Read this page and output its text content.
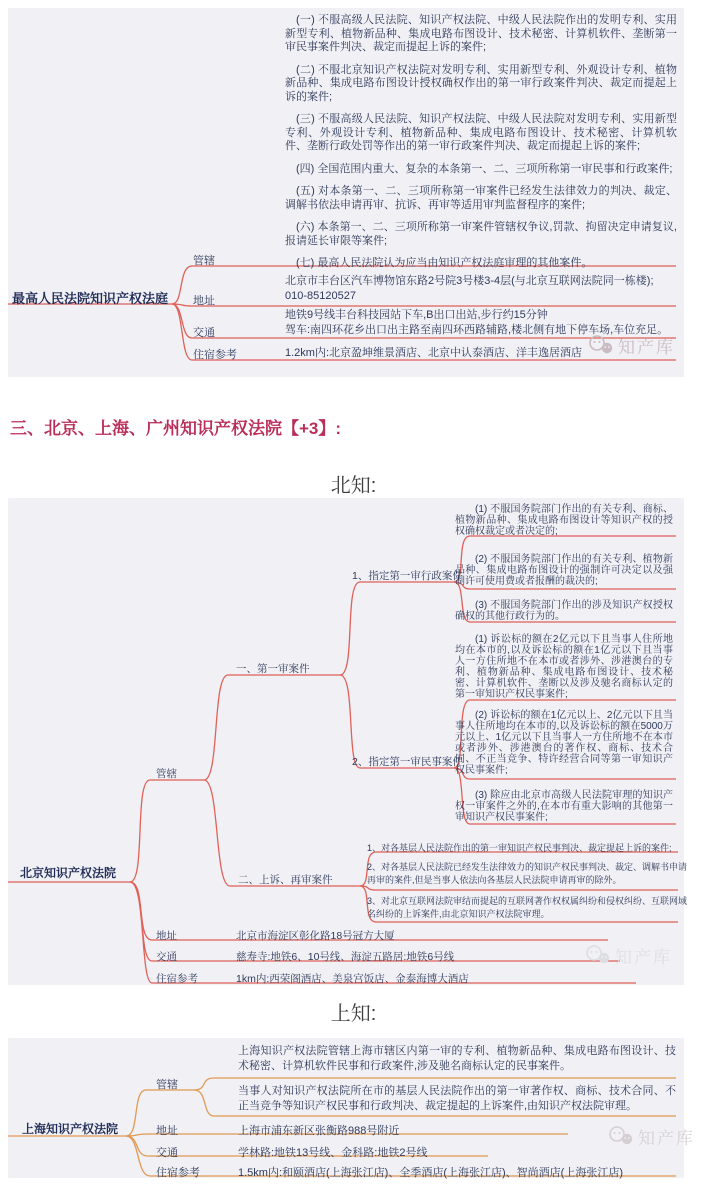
最高人民法院知识产权法庭

(一) 不服高级人民法院、知识产权法院、中级人民法院作出的发明专利、实用新型专利、植物新品种、集成电路布图设计、技术秘密、计算机软件、垄断第一审民事案件判决、裁定而提起上诉的案件;

(二) 不服北京知识产权法院对发明专利、实用新型专利、外观设计专利、植物新品种、集成电路布图设计授权确权作出的第一审行政案件判决、裁定而提起上诉的案件;

(三) 不服高级人民法院、知识产权法院、中级人民法院对发明专利、实用新型专利、外观设计专利、植物新品种、集成电路布图设计、技术秘密、计算机软件、垄断行政处罚等作出的第一审行政案件判决、裁定而提起上诉的案件;

(四) 全国范围内重大、复杂的本条第一、二、三项所称第一审民事和行政案件;

(五) 对本条第一、二、三项所称第一审案件已经发生法律效力的判决、裁定、调解书依法申请再审、抗诉、再审等适用审判监督程序的案件;

(六) 本条第一、二、三项所称第一审案件管辖权争议,罚款、拘留决定申请复议,报请延长审限等案件;

(七) 最高人民法院认为应当由知识产权法庭审理的其他案件。

管辖
地址
北京市丰台区汽车博物馆东路2号院3号楼3-4层(与北京互联网法院同一栋楼);
010-85120527
交通
地铁9号线丰台科技园站下车,B出口出站,步行约15分钟
驾车:南四环花乡出口出主路至南四环西路辅路,楼北侧有地下停车场,车位充足。
住宿参考	1.2km内:北京盈坤维景酒店、北京中认泰酒店、洋丰逸居酒店 知产库
三、北京、上海、广州知识产权法院【+3】:
北知:
北京知识产权法院
管辖
一、第一审案件
二、上诉、再审案件
1、指定第一审行政案件
2、指定第一审民事案件
(1) 不服国务院部门作出的有关专利、商标、植物新品种、集成电路布图设计等知识产权的授权确权裁定或者决定的;
(2) 不服国务院部门作出的有关专利、植物新品种、集成电路布图设计的强制许可决定以及强制许可使用费或者报酬的裁决的;
(3) 不服国务院部门作出的涉及知识产权授权确权的其他行政行为的。
(1) 诉讼标的额在2亿元以下且当事人住所地均在本市的,以及诉讼标的额在1亿元以下且当事人一方住所地不在本市或者涉外、涉港澳台的专利、植物新品种、集成电路布图设计、技术秘密、计算机软件、垄断以及涉及驰名商标认定的第一审知识产权民事案件;
(2) 诉讼标的额在1亿元以上、2亿元以下且当事人住所地均在本市的,以及诉讼标的额在5000万元以上、1亿元以下且当事人一方住所地不在本市或者涉外、涉港澳台的著作权、商标、技术合同、不正当竞争、特许经营合同等第一审知识产权民事案件;
(3) 除应由北京市高级人民法院审理的知识产权一审案件之外的,在本市有重大影响的其他第一审知识产权民事案件;
1、对各基层人民法院作出的第一审知识产权民事判决、裁定提起上诉的案件;
2、对各基层人民法院已经发生法律效力的知识产权民事判决、裁定、调解书申请再审的案件,但是当事人依法向各基层人民法院申请再审的除外。
3、对北京互联网法院审结而提起的互联网著作权权属纠纷和侵权纠纷、互联网域名纠纷的上诉案件,由北京知识产权法院审理。
地址	北京市海淀区彰化路18号冠方大厦
交通	慈寿寺:地铁6、10号线、海淀五路居:地铁6号线
住宿参考	1km内:西荣阁酒店、美泉宫饭店、金泰海博大酒店
知产库
上知:
上海知识产权法院
管辖
上海知识产权法院管辖上海市辖区内第一审的专利、植物新品种、集成电路布图设计、技术秘密、计算机软件民事和行政案件,涉及驰名商标认定的民事案件。
当事人对知识产权法院所在市的基层人民法院作出的第一审著作权、商标、技术合同、不正当竞争等知识产权民事和行政判决、裁定提起的上诉案件,由知识产权法院审理。
地址	上海市浦东新区张衡路988号附近
交通	学林路:地铁13号线、金科路:地铁2号线
住宿参考	1.5km内:和颐酒店(上海张江店)、全季酒店(上海张江店)、智尚酒店(上海张江店)
知产库
